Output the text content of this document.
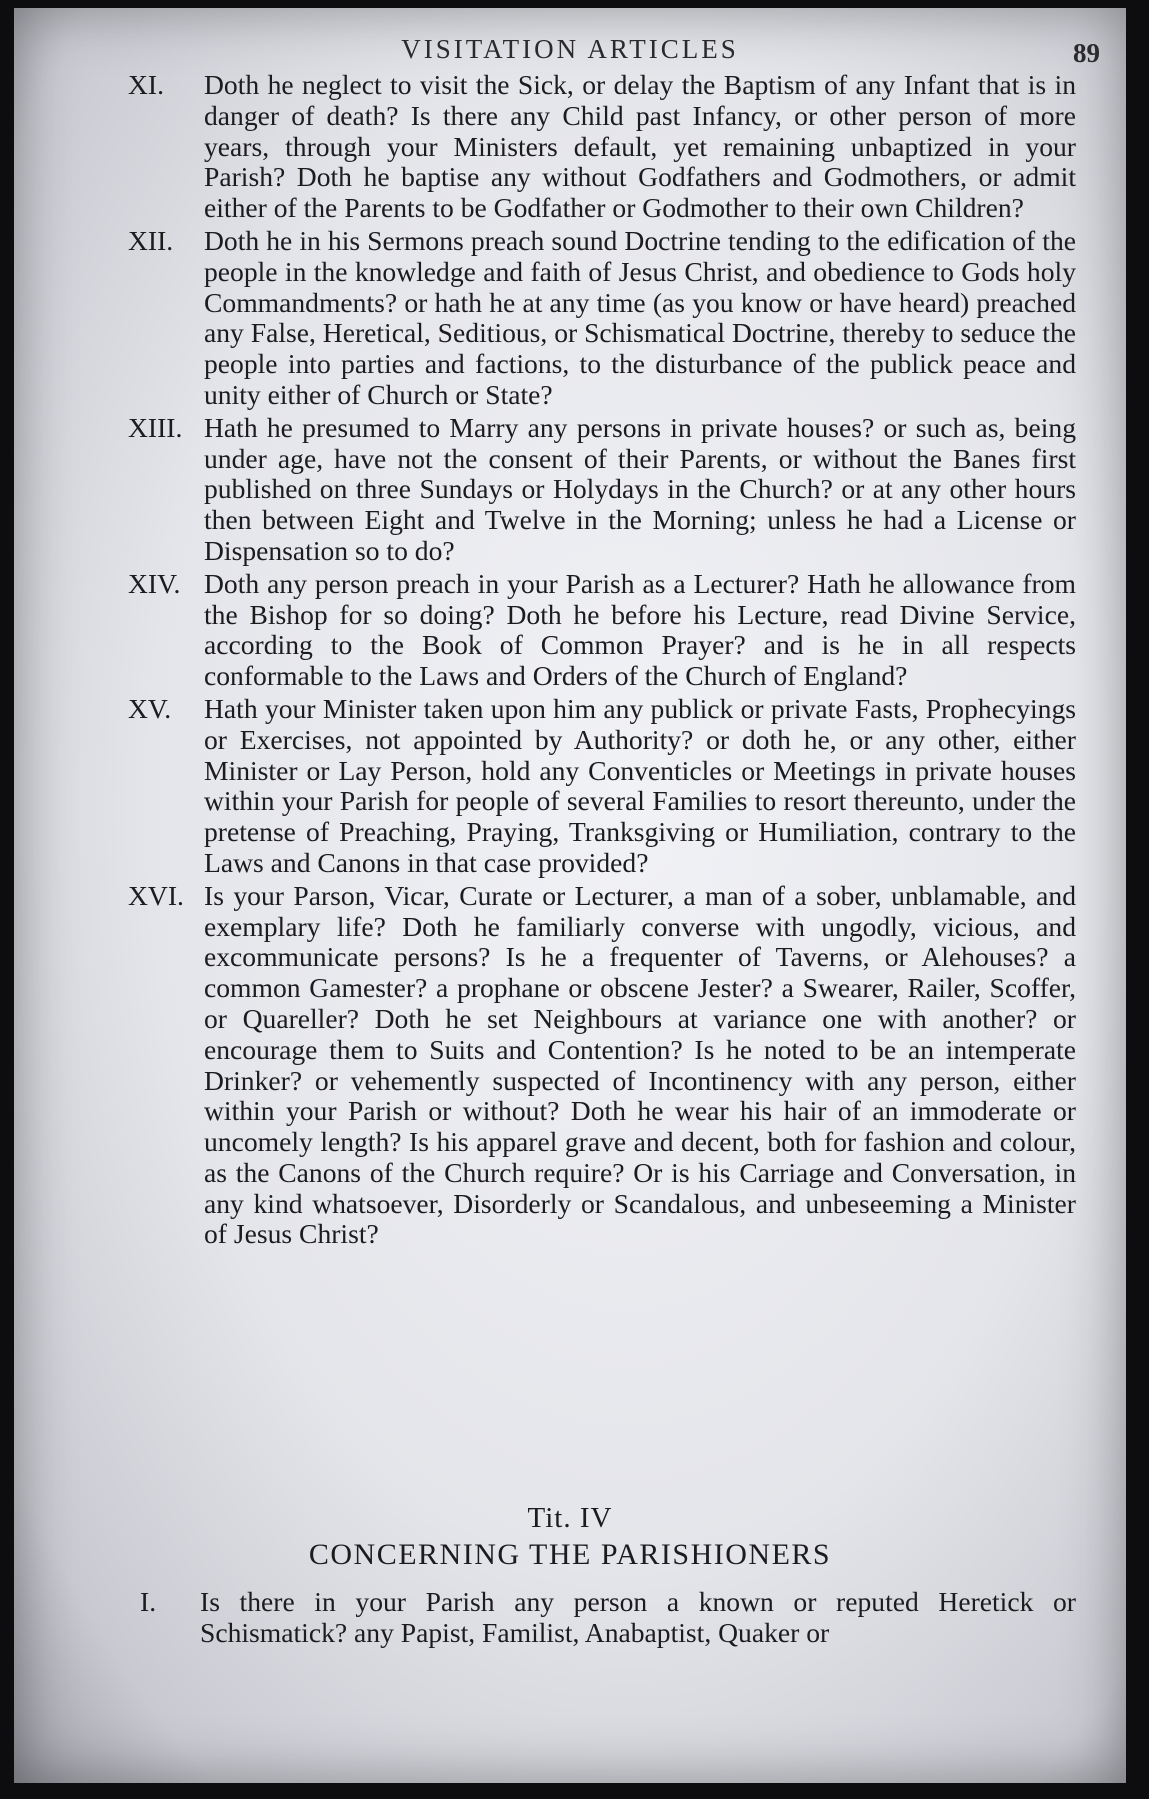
VISITATION ARTICLES	89
XI. Doth he neglect to visit the Sick, or delay the Baptism of any Infant that is in danger of death? Is there any Child past Infancy, or other person of more years, through your Ministers default, yet remaining unbaptized in your Parish? Doth he baptise any without Godfathers and Godmothers, or admit either of the Parents to be Godfather or Godmother to their own Children?
XII. Doth he in his Sermons preach sound Doctrine tending to the edification of the people in the knowledge and faith of Jesus Christ, and obedience to Gods holy Commandments? or hath he at any time (as you know or have heard) preached any False, Heretical, Seditious, or Schismatical Doctrine, thereby to seduce the people into parties and factions, to the disturbance of the publick peace and unity either of Church or State?
XIII. Hath he presumed to Marry any persons in private houses? or such as, being under age, have not the consent of their Parents, or without the Banes first published on three Sundays or Holydays in the Church? or at any other hours then between Eight and Twelve in the Morning; unless he had a License or Dispensation so to do?
XIV. Doth any person preach in your Parish as a Lecturer? Hath he allowance from the Bishop for so doing? Doth he before his Lecture, read Divine Service, according to the Book of Common Prayer? and is he in all respects conformable to the Laws and Orders of the Church of England?
XV. Hath your Minister taken upon him any publick or private Fasts, Prophecyings or Exercises, not appointed by Authority? or doth he, or any other, either Minister or Lay Person, hold any Conventicles or Meetings in private houses within your Parish for people of several Families to resort thereunto, under the pretense of Preaching, Praying, Tranksgiving or Humiliation, contrary to the Laws and Canons in that case provided?
XVI. Is your Parson, Vicar, Curate or Lecturer, a man of a sober, unblamable, and exemplary life? Doth he familiarly converse with ungodly, vicious, and excommunicate persons? Is he a frequenter of Taverns, or Alehouses? a common Gamester? a prophane or obscene Jester? a Swearer, Railer, Scoffer, or Quareller? Doth he set Neighbours at variance one with another? or encourage them to Suits and Contention? Is he noted to be an intemperate Drinker? or vehemently suspected of Incontinency with any person, either within your Parish or without? Doth he wear his hair of an immoderate or uncomely length? Is his apparel grave and decent, both for fashion and colour, as the Canons of the Church require? Or is his Carriage and Conversation, in any kind whatsoever, Disorderly or Scandalous, and unbeseeming a Minister of Jesus Christ?
Tit. IV
CONCERNING THE PARISHIONERS
I. Is there in your Parish any person a known or reputed Heretick or Schismatick? any Papist, Familist, Anabaptist, Quaker or
